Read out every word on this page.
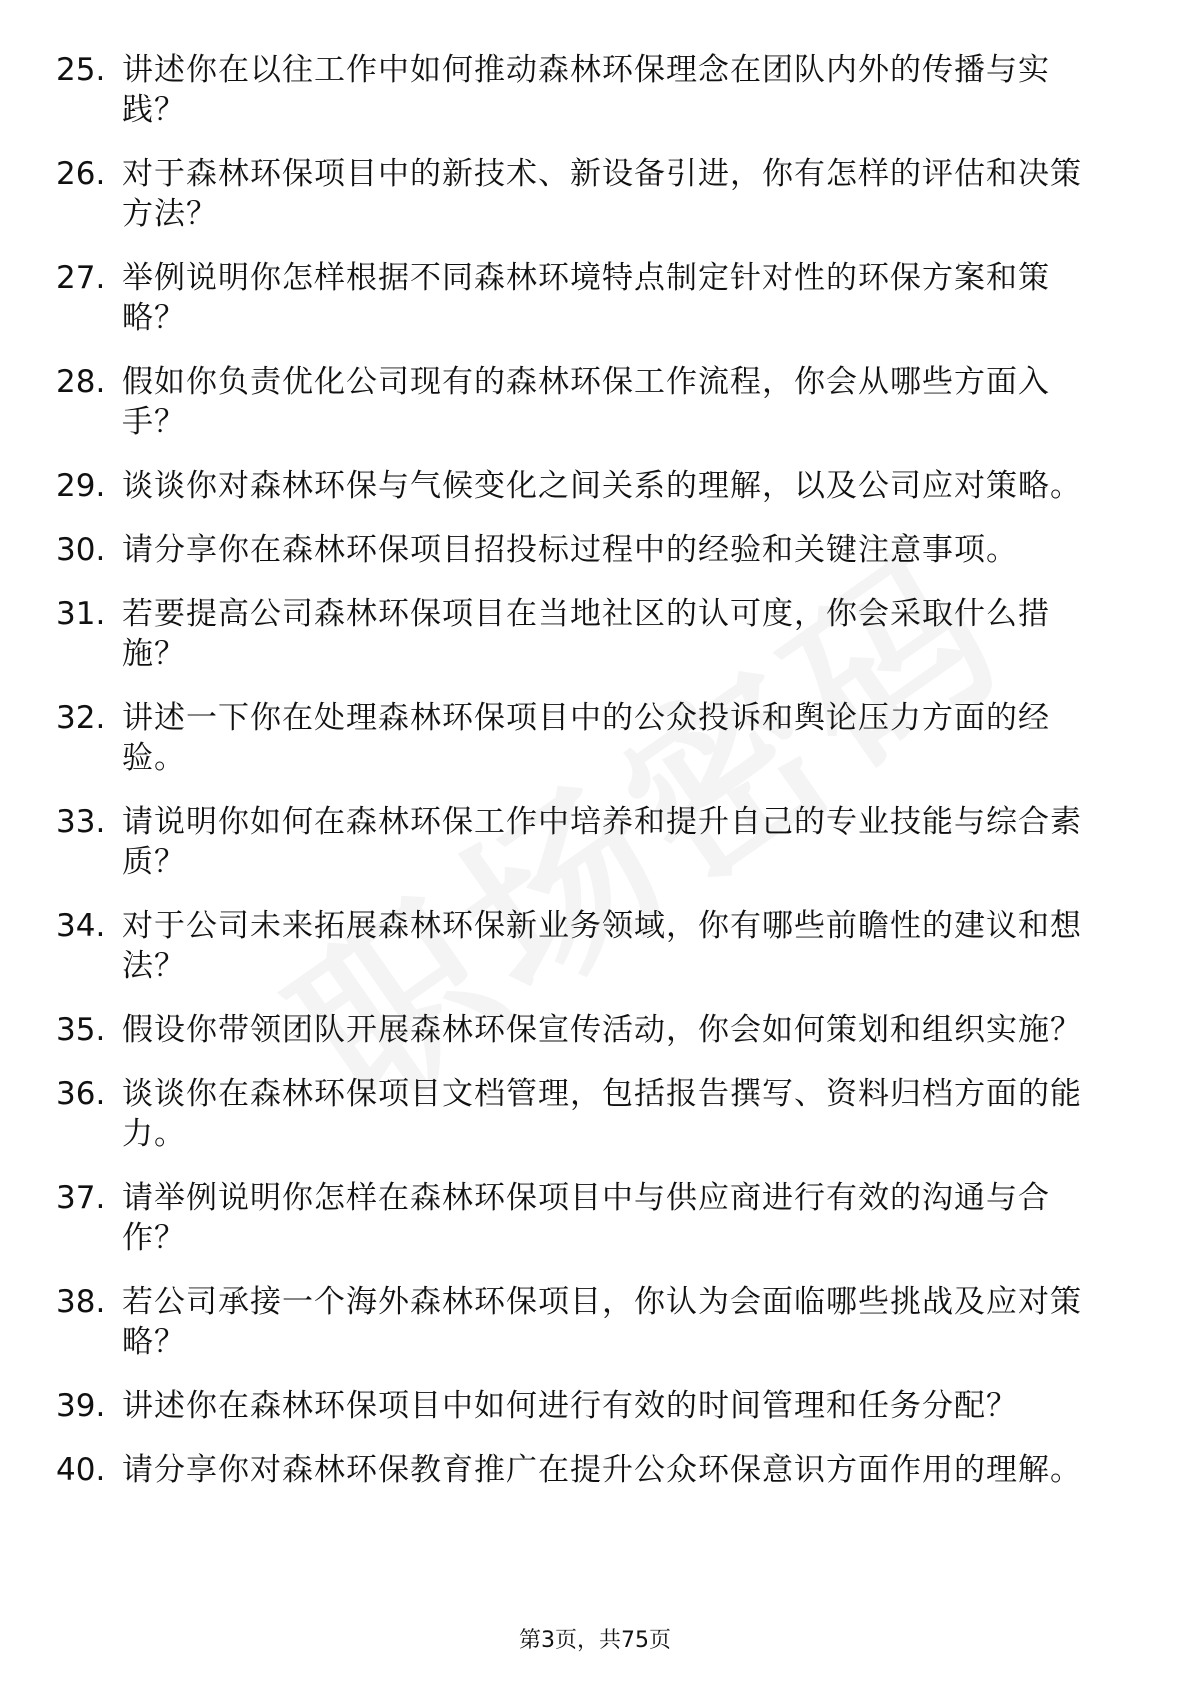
25. 讲述你在以往工作中如何推动森林环保理念在团队内外的传播与实践？
26. 对于森林环保项目中的新技术、新设备引进，你有怎样的评估和决策方法？
27. 举例说明你怎样根据不同森林环境特点制定针对性的环保方案和策略？
28. 假如你负责优化公司现有的森林环保工作流程，你会从哪些方面入手？
29. 谈谈你对森林环保与气候变化之间关系的理解，以及公司应对策略。
30. 请分享你在森林环保项目招投标过程中的经验和关键注意事项。
31. 若要提高公司森林环保项目在当地社区的认可度，你会采取什么措施？
32. 讲述一下你在处理森林环保项目中的公众投诉和舆论压力方面的经验。
33. 请说明你如何在森林环保工作中培养和提升自己的专业技能与综合素质？
34. 对于公司未来拓展森林环保新业务领域，你有哪些前瞻性的建议和想法？
35. 假设你带领团队开展森林环保宣传活动，你会如何策划和组织实施？
36. 谈谈你在森林环保项目文档管理，包括报告撰写、资料归档方面的能力。
37. 请举例说明你怎样在森林环保项目中与供应商进行有效的沟通与合作？
38. 若公司承接一个海外森林环保项目，你认为会面临哪些挑战及应对策略？
39. 讲述你在森林环保项目中如何进行有效的时间管理和任务分配？
40. 请分享你对森林环保教育推广在提升公众环保意识方面作用的理解。
第3页，共75页
